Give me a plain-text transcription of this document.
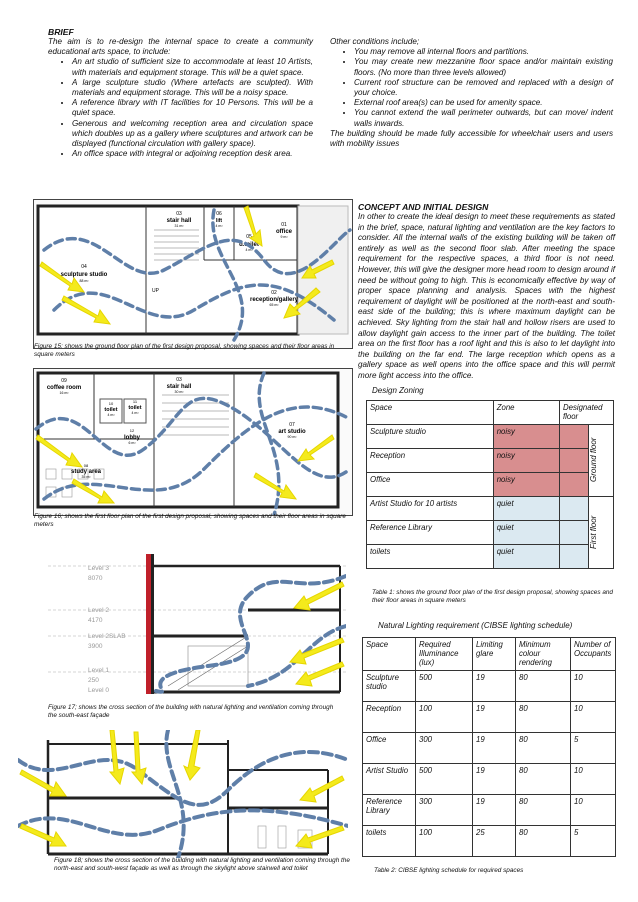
BRIEF
The aim is to re-design the internal space to create a community educational arts space, to include:
• An art studio of sufficient size to accommodate at least 10 Artists, with materials and equipment storage. This will be a quiet space.
• A large sculpture studio (Where artefacts are sculpted). With materials and equipment storage. This will be a noisy space.
• A reference library with IT facilities for 10 Persons. This will be a quiet space.
• Generous and welcoming reception area and circulation space which doubles up as a gallery where sculptures and artwork can be displayed (functional circulation with gallery space).
• An office space with integral or adjoining reception desk area.
Other conditions include;
• You may remove all internal floors and partitions.
• You may create new mezzanine floor space and/or maintain existing floors. (No more than three levels allowed)
• Current roof structure can be removed and replaced with a design of your choice.
• External roof area(s) can be used for amenity space.
• You cannot extend the wall perimeter outwards, but can move/ indent walls inwards.
The building should be made fully accessible for wheelchair users and users with mobility issues
CONCEPT AND INITIAL DESIGN
In other to create the ideal design to meet these requirements as stated in the brief, space, natural lighting and ventilation are the key factors to consider. All the internal walls of the existing building will be taken off entirely as well as the second floor slab. After meeting the space requirement for the respective spaces, a third floor is not need. However, this will give the designer more head room to design around if need be without going to high. This is economically effective by way of proper space planning and analysis. Spaces with the highest requirement of daylight will be positioned at the north-east and south-east side of the building; this is where maximum daylight can be achieved. Sky lighting from the stair hall and hollow risers are used to allow daylight gain access to the inner part of the building. The toilet area on the first floor has a roof light and this is also to let daylight into the building on the far end. The large reception which opens as a gallery space as well opens into the office space and this will permit more light access into the office.
04
sculpture studio
88 m²
03
stair hall
31 m²
06
lift
4 m²
05
d.toilet
4 m²
01
office
9 m²
02
reception/gallery
65 m²
UP
Figure 15: shows the ground floor plan of the first design proposal, showing spaces and their floor areas in square meters
09
coffee room
16 m²
03
stair hall
30 m²
10
toilet
4 m²
11
toilet
4 m²
12
lobby
6 m²
07
art studio
90 m²
08
study area
35 m²
Figure 16; shows the first floor plan of the first design proposal, showing spaces and their floor areas in square meters
Level 3
8070
Level 2
4170
Level 2SLAB
3900
Level 1
250
Level 0
Figure 17; shows the cross section of the building with natural lighting and ventilation coming through the south-east façade
Figure 18; shows the cross section of the building with natural lighting and ventilation coming through the north-east and south-west façade as well as through the skylight above stairwell and toilet
Design Zoning
Space	Zone	Designated floor	
Sculpture studio	noisy		Ground floor

Reception	noisy		
Office	noisy		
Artist Studio for 10 artists	quiet		First floor

Reference Library	quiet		
toilets	quiet		
Table 1: shows the ground floor plan of the first design proposal, showing spaces and their floor areas in square meters
Natural Lighting requirement (CIBSE lighting schedule)
Space	Required Illuminance (lux)	Limiting glare	Minimum colour rendering	Number of Occupants
Sculpture studio	500	19	80	10
Reception	100	19	80	10
Office	300	19	80	5
Artist Studio	500	19	80	10
Reference Library	300	19	80	10
toilets	100	25	80	5
Table 2: CIBSE lighting schedule for required spaces
